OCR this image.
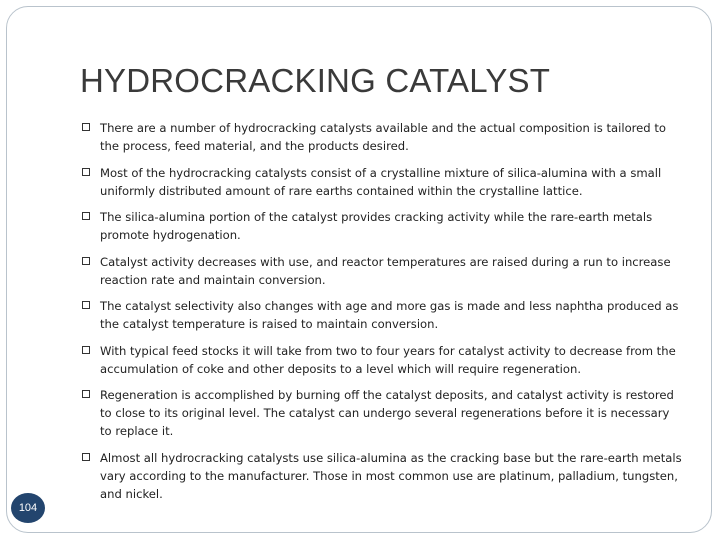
HYDROCRACKING CATALYST
There are a number of hydrocracking catalysts available and the actual composition is tailored to the process, feed material, and the products desired.
Most of the hydrocracking catalysts consist of a crystalline mixture of silica-alumina with a small uniformly distributed amount of rare earths contained within the crystalline lattice.
The silica-alumina portion of the catalyst provides cracking activity while the rare-earth metals promote hydrogenation.
Catalyst activity decreases with use, and reactor temperatures are raised during a run to increase reaction rate and maintain conversion.
The catalyst selectivity also changes with age and more gas is made and less naphtha produced as the catalyst temperature is raised to maintain conversion.
With typical feed stocks it will take from two to four years for catalyst activity to decrease from the accumulation of coke and other deposits to a level which will require regeneration.
Regeneration is accomplished by burning off the catalyst deposits, and catalyst activity is restored to close to its original level. The catalyst can undergo several regenerations before it is necessary to replace it.
Almost all hydrocracking catalysts use silica-alumina as the cracking base but the rare-earth metals vary according to the manufacturer. Those in most common use are platinum, palladium, tungsten, and nickel.
104
